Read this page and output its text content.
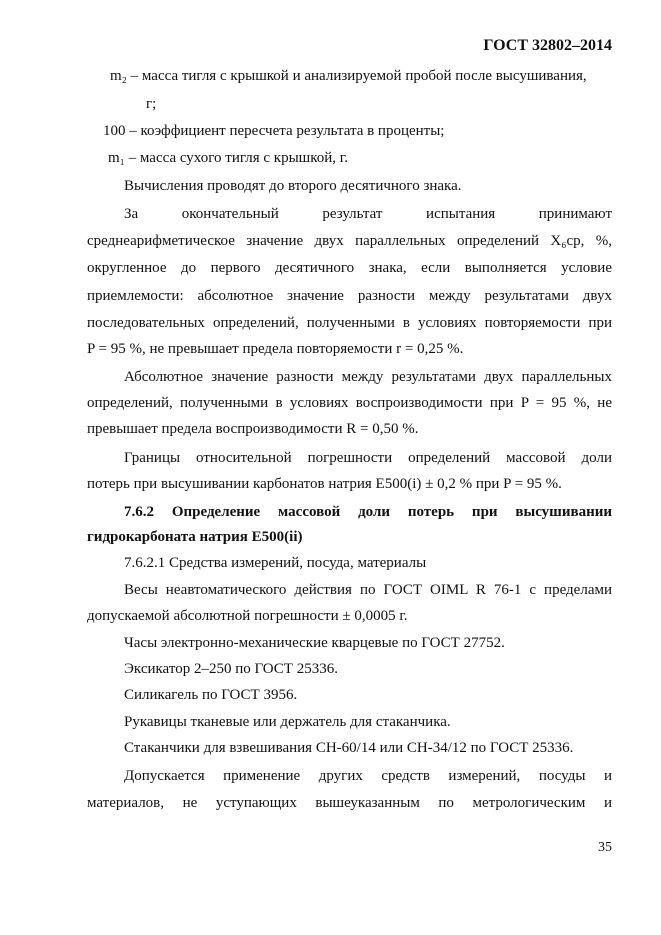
ГОСТ 32802–2014
m₂ – масса тигля с крышкой и анализируемой пробой после высушивания,
г;
100 – коэффициент пересчета результата в проценты;
m₁ – масса сухого тигля с крышкой, г.
Вычисления проводят до второго десятичного знака.
За окончательный результат испытания принимают
среднеарифметическое значение двух параллельных определений X₆ср, %,
округленное до первого десятичного знака, если выполняется условие
приемлемости: абсолютное значение разности между результатами двух
последовательных определений, полученными в условиях повторяемости при
P = 95 %, не превышает предела повторяемости r = 0,25 %.
Абсолютное значение разности между результатами двух параллельных
определений, полученными в условиях воспроизводимости при P = 95 %, не
превышает предела воспроизводимости R = 0,50 %.
Границы относительной погрешности определений массовой доли
потерь при высушивании карбонатов натрия Е500(i) ± 0,2 % при P = 95 %.
7.6.2 Определение массовой доли потерь при высушивании
гидрокарбоната натрия Е500(ii)
7.6.2.1 Средства измерений, посуда, материалы
Весы неавтоматического действия по ГОСТ OIML R 76-1 с пределами
допускаемой абсолютной погрешности ± 0,0005 г.
Часы электронно-механические кварцевые по ГОСТ 27752.
Эксикатор 2–250 по ГОСТ 25336.
Силикагель по ГОСТ 3956.
Рукавицы тканевые или держатель для стаканчика.
Стаканчики для взвешивания СН-60/14 или СН-34/12 по ГОСТ 25336.
Допускается применение других средств измерений, посуды и
материалов, не уступающих вышеуказанным по метрологическим и
35
